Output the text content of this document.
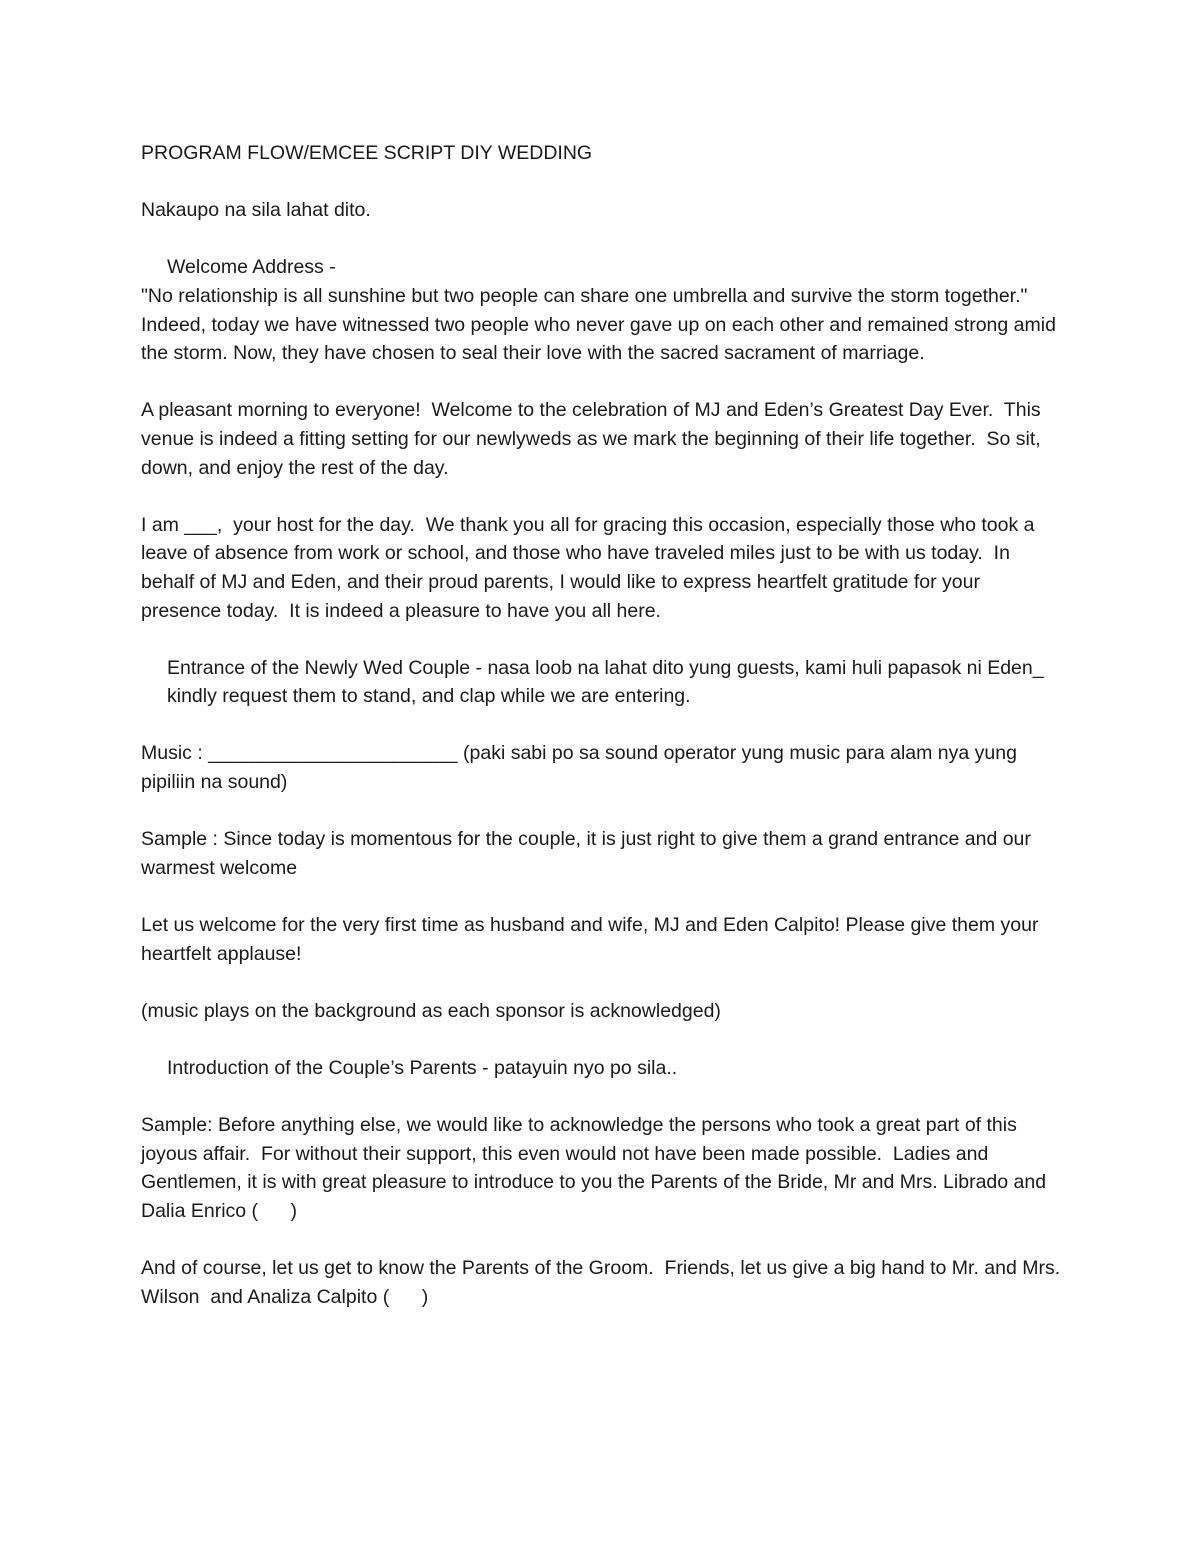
PROGRAM FLOW/EMCEE SCRIPT DIY WEDDING

Nakaupo na sila lahat dito.

Welcome Address -

"No relationship is all sunshine but two people can share one umbrella and survive the storm together."

Indeed, today we have witnessed two people who never gave up on each other and remained strong amid the storm. Now, they have chosen to seal their love with the sacred sacrament of marriage.

A pleasant morning to everyone!  Welcome to the celebration of MJ and Eden’s Greatest Day Ever.  This venue is indeed a fitting setting for our newlyweds as we mark the beginning of their life together.  So sit, down, and enjoy the rest of the day.

I am ___,  your host for the day.  We thank you all for gracing this occasion, especially those who took a leave of absence from work or school, and those who have traveled miles just to be with us today.  In behalf of MJ and Eden, and their proud parents, I would like to express heartfelt gratitude for your presence today.  It is indeed a pleasure to have you all here.

Entrance of the Newly Wed Couple - nasa loob na lahat dito yung guests, kami huli papasok ni Eden_ kindly request them to stand, and clap while we are entering.

Music : _______________________ (paki sabi po sa sound operator yung music para alam nya yung pipiliin na sound)

Sample : Since today is momentous for the couple, it is just right to give them a grand entrance and our warmest welcome

Let us welcome for the very first time as husband and wife, MJ and Eden Calpito! Please give them your heartfelt applause!

(music plays on the background as each sponsor is acknowledged)

Introduction of the Couple’s Parents - patayuin nyo po sila..

Sample: Before anything else, we would like to acknowledge the persons who took a great part of this joyous affair.  For without their support, this even would not have been made possible.  Ladies and Gentlemen, it is with great pleasure to introduce to you the Parents of the Bride, Mr and Mrs. Librado and Dalia Enrico (      )

And of course, let us get to know the Parents of the Groom.  Friends, let us give a big hand to Mr. and Mrs. Wilson  and Analiza Calpito (      )
